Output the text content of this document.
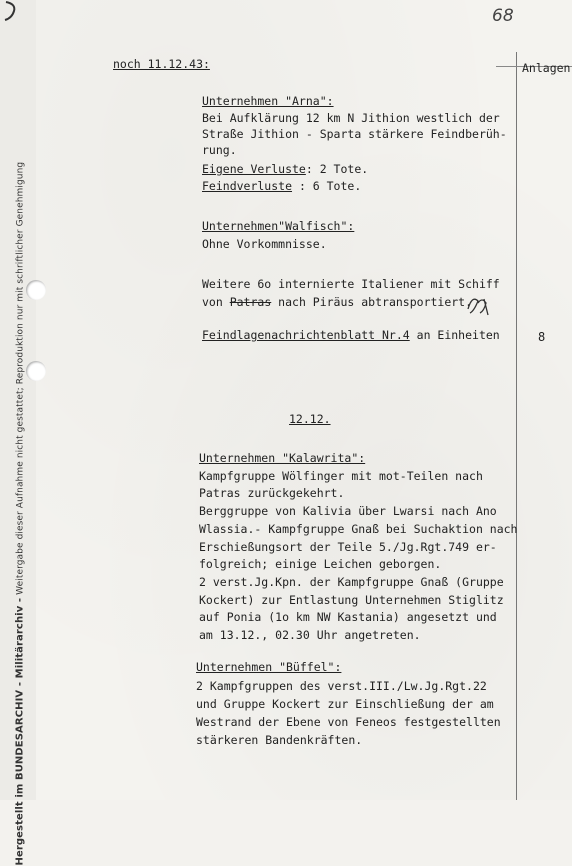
Hergestellt im BUNDESARCHIV - Militärarchiv - Weitergabe dieser Aufnahme nicht gestattet; Reproduktion nur mit schriftlicher Genehmigung
68
Anlagen
noch 11.12.43:
Unternehmen "Arna":
Bei Aufklärung 12 km N Jithion westlich der
Straße Jithion - Sparta stärkere Feindberüh-
rung.
Eigene Verluste: 2 Tote.
Feindverluste : 6 Tote.
Unternehmen"Walfisch":
Ohne Vorkommnisse.
Weitere 6o internierte Italiener mit Schiff
von Patras nach Piräus abtransportiert.
Feindlagenachrichtenblatt Nr.4 an Einheiten	8
12.12.
Unternehmen "Kalawrita":
Kampfgruppe Wölfinger mit mot-Teilen nach
Patras zurückgekehrt.
Berggruppe von Kalivia über Lwarsi nach Ano
Wlassia.- Kampfgruppe Gnaß bei Suchaktion nach
Erschießungsort der Teile 5./Jg.Rgt.749 er-
folgreich; einige Leichen geborgen.
2 verst.Jg.Kpn. der Kampfgruppe Gnaß (Gruppe
Kockert) zur Entlastung Unternehmen Stiglitz
auf Ponia (1o km NW Kastania) angesetzt und
am 13.12., 02.30 Uhr angetreten.
Unternehmen "Büffel":
2 Kampfgruppen des verst.III./Lw.Jg.Rgt.22
und Gruppe Kockert zur Einschließung der am
Westrand der Ebene von Feneos festgestellten
stärkeren Bandenkräften.
